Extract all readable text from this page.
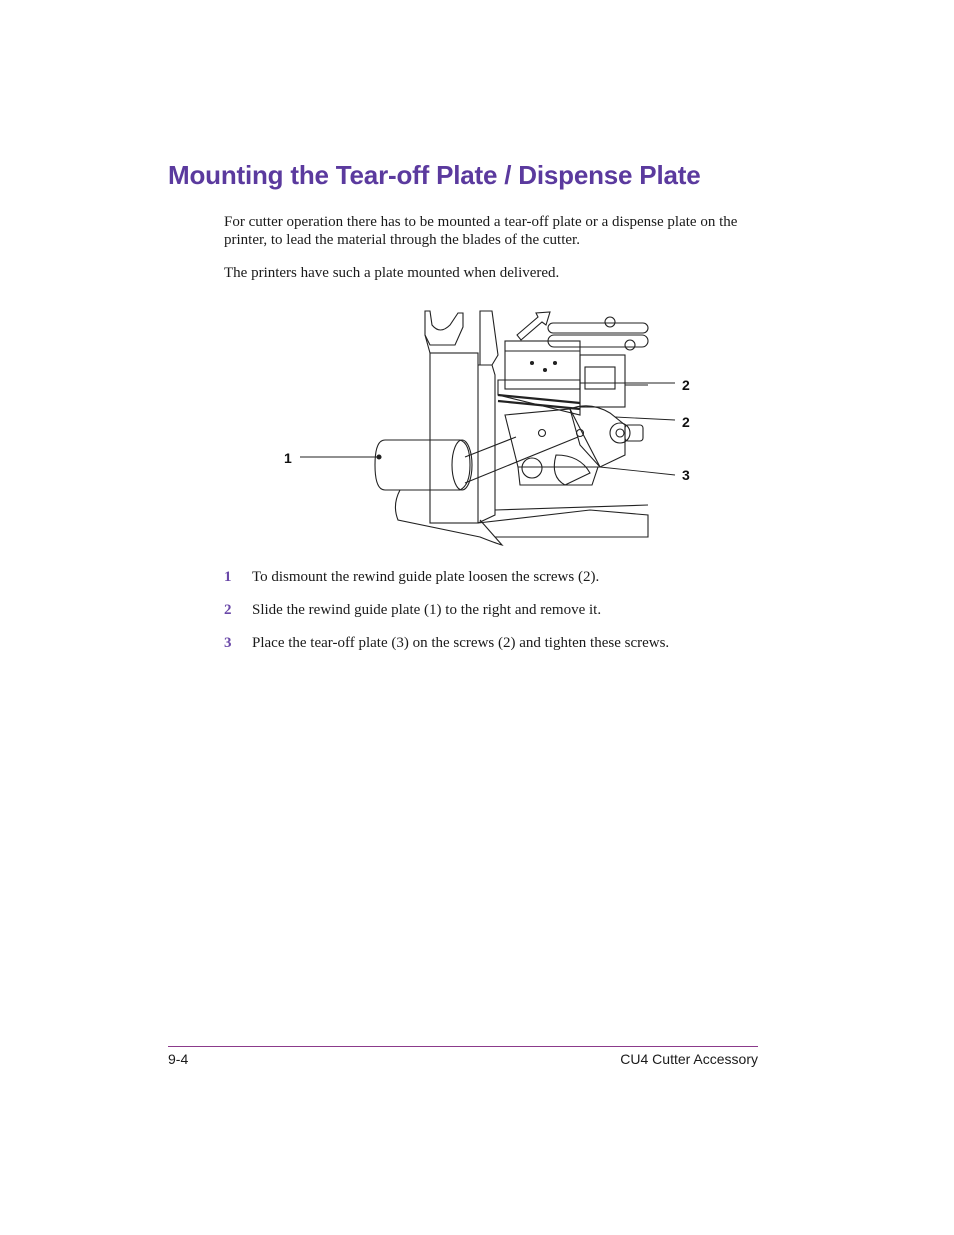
Mounting the Tear-off Plate / Dispense Plate

For cutter operation there has to be mounted a tear-off plate or a dispense plate on the printer, to lead the material through the blades of the cutter.

The printers have such a plate mounted when delivered.

1
2
2
3
1 To dismount the rewind guide plate loosen the screws (2).
2 Slide the rewind guide plate (1) to the right and remove it.
3 Place the tear-off plate (3) on the screws (2) and tighten these screws.
9-4	CU4 Cutter Accessory
